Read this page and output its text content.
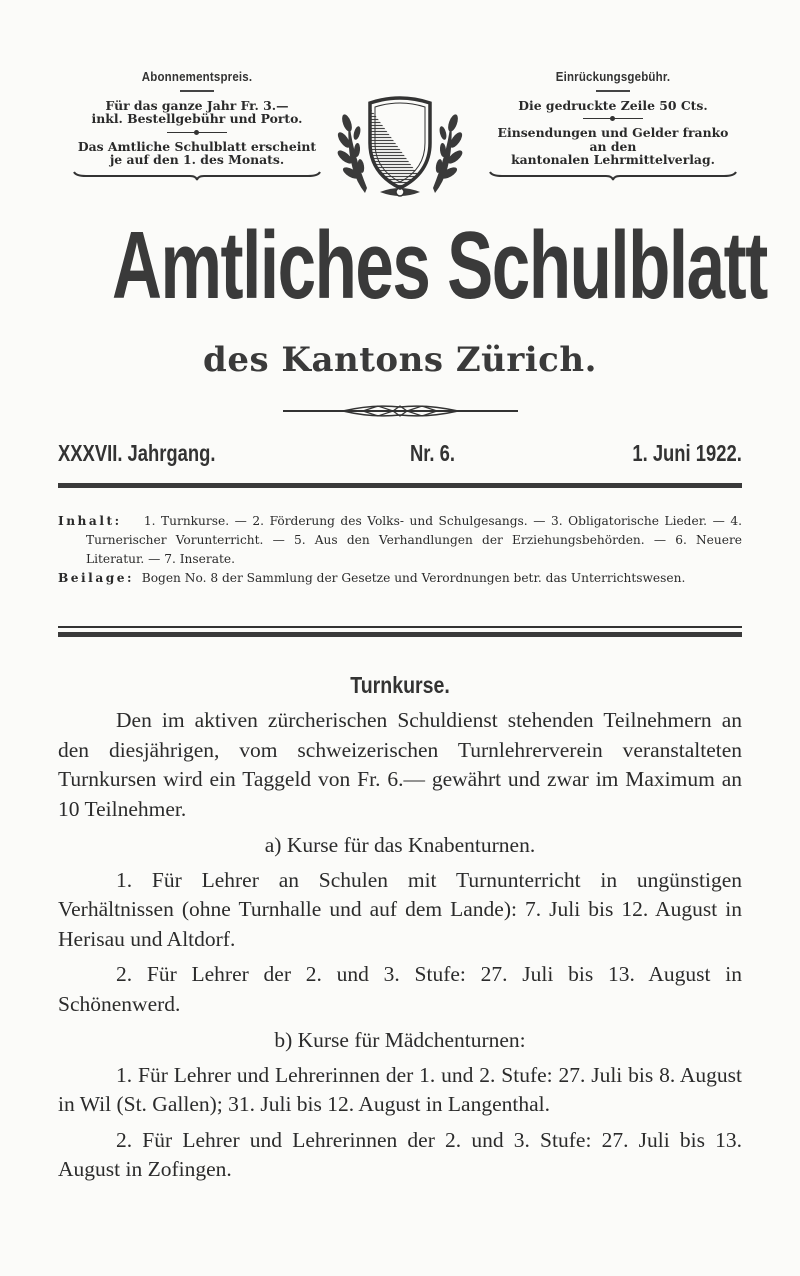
Abonnementspreis.
Für das ganze Jahr Fr. 3.—
inkl. Bestellgebühr und Porto.
Das Amtliche Schulblatt erscheint
je auf den 1. des Monats.
Einrückungsgebühr.
Die gedruckte Zeile 50 Cts.
Einsendungen und Gelder franko
an den
kantonalen Lehrmittelverlag.
Amtliches Schulblatt
des Kantons Zürich.
XXXVII. Jahrgang.	Nr. 6.	1. Juni 1922.

Inhalt: 1. Turnkurse. — 2. Förderung des Volks- und Schulgesangs. — 3. Obligatorische Lieder. — 4. Turnerischer Vorunterricht. — 5. Aus den Verhandlungen der Erziehungsbehörden. — 6. Neuere Literatur. — 7. Inserate.

Beilage: Bogen No. 8 der Sammlung der Gesetze und Verordnungen betr. das Unterrichtswesen.

Turnkurse.

Den im aktiven zürcherischen Schuldienst stehenden Teilnehmern an den diesjährigen, vom schweizerischen Turnlehrerverein veranstalteten Turnkursen wird ein Taggeld von Fr. 6.— gewährt und zwar im Maximum an 10 Teilnehmer.

a) Kurse für das Knabenturnen.

1. Für Lehrer an Schulen mit Turnunterricht in ungünstigen Verhältnissen (ohne Turnhalle und auf dem Lande): 7. Juli bis 12. August in Herisau und Altdorf.

2. Für Lehrer der 2. und 3. Stufe: 27. Juli bis 13. August in Schönenwerd.

b) Kurse für Mädchenturnen:

1. Für Lehrer und Lehrerinnen der 1. und 2. Stufe: 27. Juli bis 8. August in Wil (St. Gallen); 31. Juli bis 12. August in Langenthal.

2. Für Lehrer und Lehrerinnen der 2. und 3. Stufe: 27. Juli bis 13. August in Zofingen.
